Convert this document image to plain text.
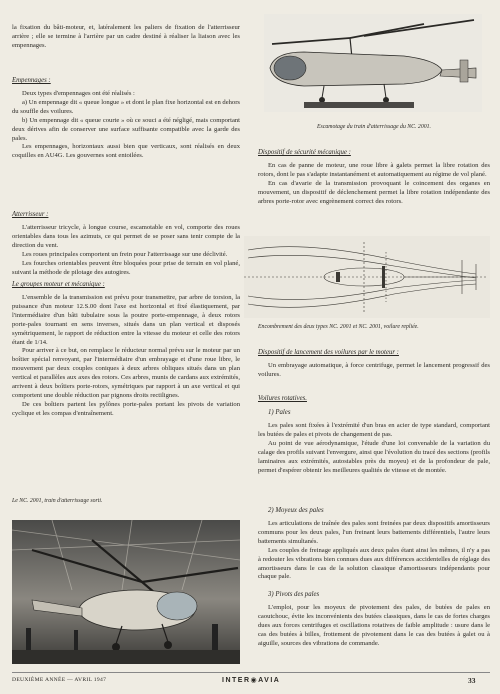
la fixation du bâti-moteur, et, latéralement les paliers de fixation de l'atterrisseur arrière ; elle se termine à l'arrière par un cadre destiné à réaliser la liaison avec les empennages.

Empennages :

Deux types d'empennages ont été réalisés :

a) Un empennage dit « queue longue » et dont le plan fixe horizontal est en dehors du souffle des voilures.

b) Un empennage dit « queue courte » où ce souci a été négligé, mais comportant deux dérives afin de conserver une surface suffisante compatible avec la garde des pales.

Les empennages, horizontaux aussi bien que verticaux, sont réalisés en deux coquilles en AU4G. Les gouvernes sont entoilées.

Atterrisseur :

L'atterrisseur tricycle, à longue course, escamotable en vol, comporte des roues orientables dans tous les azimuts, ce qui permet de se poser sans tenir compte de la direction du vent.

Les roues principales comportent un frein pour l'atterrissage sur une déclivité.

Les fourches orientables peuvent être bloquées pour prise de terrain en vol plané, suivant la méthode de pilotage des autogires.

Le groupes moteur et mécanique :

L'ensemble de la transmission est prévu pour transmettre, par arbre de torsion, la puissance d'un moteur 12.S.00 dont l'axe est horizontal et fixé élastiquement, par l'intermédiaire d'un bâti tubulaire sous la poutre porte-empennage, à deux rotors porte-pales tournant en sens inverses, situés dans un plan vertical et disposés symétriquement, le rapport de réduction entre la vitesse du moteur et celle des rotors étant de 1/14.

Pour arriver à ce but, on remplace le réducteur normal prévu sur le moteur par un boîtier spécial renvoyant, par l'intermédiaire d'un embrayage et d'une roue libre, le mouvement par deux couples coniques à deux arbres obliques situés dans un plan vertical et parallèles aux axes des rotors. Ces arbres, munis de cardans aux extrémités, arrivent à deux boîtiers porte-rotors, symétriques par rapport à un axe vertical et qui comportent une double réduction par pignons droits rectilignes.

De ces boîtiers partent les pylônes porte-pales portant les pivots de variation cyclique et les compas d'entraînement.

Le NC. 2001, train d'atterrissage sorti.

Escamotage du train d'atterrissage du NC. 2001.

Dispositif de sécurité mécanique :

En cas de panne de moteur, une roue libre à galets permet la libre rotation des rotors, dont le pas s'adapte instantanément et automatiquement au régime de vol plané.

En cas d'avarie de la transmission provoquant le coincement des organes en mouvement, un dispositif de déclenchement permet la libre rotation indépendante des arbres porte-rotor avec engrènement correct des rotors.

Encombrement des deux types NC. 2001 et NC. 2001, voilure repliée.

Dispositif de lancement des voilures par le moteur :

Un embrayage automatique, à force centrifuge, permet le lancement progressif des voilures.

Voilures rotatives.

1) Pales

Les pales sont fixées à l'extrémité d'un bras en acier de type standard, comportant les butées de pales et pivots de changement de pas.

Au point de vue aérodynamique, l'étude d'une loi convenable de la variation du calage des profils suivant l'envergure, ainsi que l'évolution du tracé des sections (profils laminaires aux extrémités, autostables près du moyeu) et de la profondeur de pale, permet d'espérer obtenir les meilleures qualités de vitesse et de montée.

2) Moyeux des pales

Les articulations de traînée des pales sont freinées par deux dispositifs amortisseurs communs pour les deux pales, l'un freinant leurs battements différentiels, l'autre leurs battements simultanés.

Les couples de freinage appliqués aux deux pales étant ainsi les mêmes, il n'y a pas à redouter les vibrations bien connues dues aux différences accidentelles de réglage des amortisseurs dans le cas de la solution classique d'amortisseurs indépendants pour chaque pale.

3) Pivots des pales

L'emploi, pour les moyeux de pivotement des pales, de butées de pales en caoutchouc, évite les inconvénients des butées classiques, dans le cas de fortes charges dues aux forces centrifuges et oscillations rotatives de faible amplitude : usure dans le cas des butées à billes, frottement de pivotement dans le cas des butées à galet ou à aiguille, sources des vibrations de commande.

DEUXIÈME ANNÉE — AVRIL 1947	INTER◉AVIA	33
